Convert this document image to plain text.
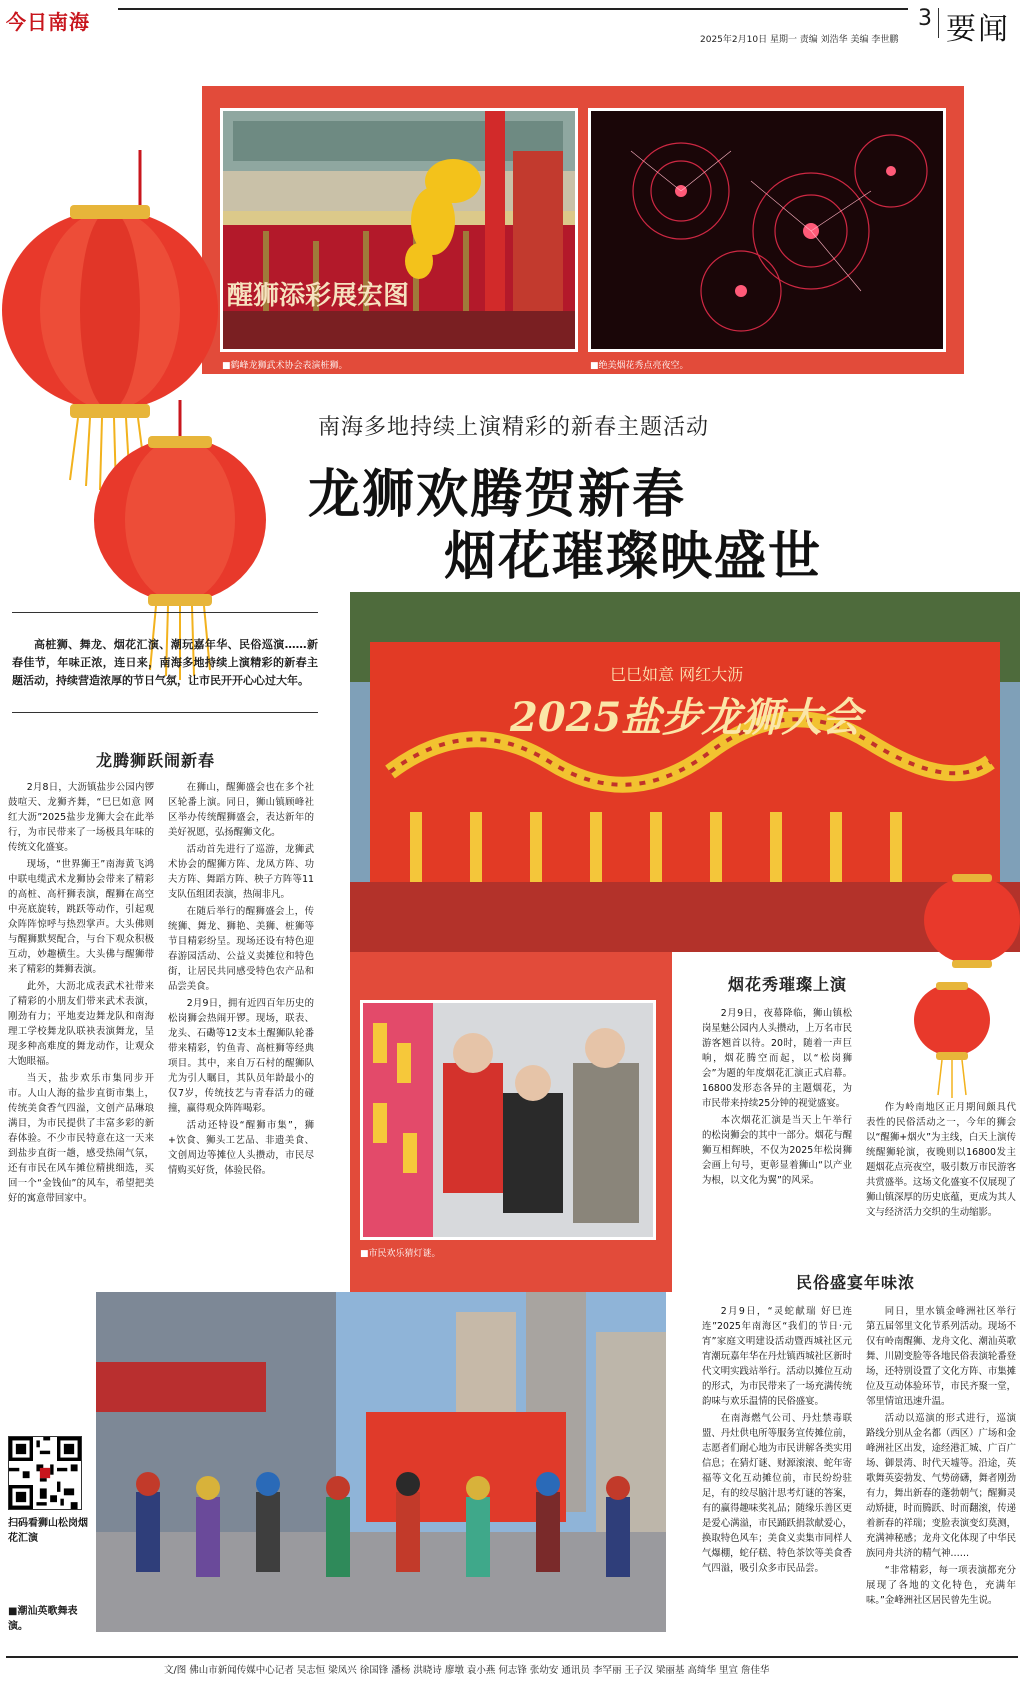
今日南海
2025年2月10日 星期一 责编 刘浩华 美编 李世鹏
3 要闻
醒狮添彩展宏图
■鹤峰龙狮武术协会表演桩狮。	■绝美烟花秀点亮夜空。
南海多地持续上演精彩的新春主题活动
龙狮欢腾贺新春
烟花璀璨映盛世
高桩狮、舞龙、烟花汇演、潮玩嘉年华、民俗巡演……新春佳节，年味正浓，连日来，南海多地持续上演精彩的新春主题活动，持续营造浓厚的节日气氛，让市民开开心心过大年。	巳巳如意 网红大沥
2025盐步龙狮大会
龙腾狮跃闹新春

2月8日，大沥镇盐步公园内锣鼓喧天、龙狮齐舞，“巳巳如意 网红大沥”2025盐步龙狮大会在此举行，为市民带来了一场极具年味的传统文化盛宴。

现场，“世界狮王”南海黄飞鸿中联电缆武术龙狮协会带来了精彩的高桩、高杆狮表演，醒狮在高空中亮底旋转，跳跃等动作，引起观众阵阵惊呼与热烈掌声。大头佛则与醒狮默契配合，与台下观众积极互动，妙趣横生。大头佛与醒狮带来了精彩的舞狮表演。

此外，大沥北成表武术社带来了精彩的小朋友们带来武术表演，刚劲有力；平地麦边舞龙队和南海理工学校舞龙队联袂表演舞龙，呈现多种高难度的舞龙动作，让观众大饱眼福。

当天，盐步欢乐市集同步开市。人山人海的盐步直街市集上，传统美食香气四溢，文创产品琳琅满目，为市民提供了丰富多彩的新春体验。不少市民特意在这一天来到盐步直街一趟，感受热闹气氛，还有市民在风车摊位精挑细选，买回一个“金钱仙”的风车，希望把美好的寓意带回家中。

在狮山，醒狮盛会也在多个社区轮番上演。同日，狮山镇顾峰社区举办传统醒狮盛会，表达新年的美好祝愿，弘扬醒狮文化。

活动首先进行了巡游，龙狮武术协会的醒狮方阵、龙凤方阵、功夫方阵、舞蹈方阵、秧子方阵等11支队伍组团表演，热闹非凡。

在随后举行的醒狮盛会上，传统狮、舞龙、狮艳、美狮、桩狮等节目精彩纷呈。现场还设有特色迎春游园活动、公益义卖摊位和特色街，让居民共同感受特色农产品和品尝美食。

2月9日，拥有近四百年历史的松岗狮会热闹开锣。现场，联表、龙头、石磡等12支本土醒狮队轮番带来精彩，钓鱼青、高桩狮等经典项目。其中，来自万石村的醒狮队尤为引人瞩目，其队员年龄最小的仅7岁，传统技艺与青春活力的碰撞，赢得观众阵阵喝彩。

活动还特设“醒狮市集”，狮+饮食、狮头工艺品、非遗美食、文创周边等摊位人头攒动，市民尽情购买好货，体验民俗。

■市民欢乐猜灯谜。
烟花秀璀璨上演

2月9日，夜幕降临，狮山镇松岗星魅公园内人头攒动，上万名市民游客翘首以待。20时，随着一声巨响，烟花腾空而起，以“松岗狮会”为题的年度烟花汇演正式启幕。16800发形态各异的主题烟花，为市民带来持续25分钟的视觉盛宴。

本次烟花汇演是当天上午举行的松岗狮会的其中一部分。烟花与醒狮互相辉映，不仅为2025年松岗狮会画上句号，更彰显着狮山“以产业为根，以文化为翼”的风采。

作为岭南地区正月期间颇具代表性的民俗活动之一，今年的狮会以“醒狮+烟火”为主线，白天上演传统醒狮轮演，夜晚则以16800发主题烟花点亮夜空，吸引数万市民游客共赏盛举。这场文化盛宴不仅展现了狮山镇深厚的历史底蕴，更成为其人文与经济活力交织的生动缩影。

扫码看狮山松岗烟花汇演
■潮汕英歌舞表演。
民俗盛宴年味浓

2月9日，“灵蛇献瑞 好巳连连”2025年南海区“我们的节日·元宵”家庭文明建设活动暨西城社区元宵潮玩嘉年华在丹灶镇西城社区新时代文明实践站举行。活动以摊位互动的形式，为市民带来了一场充满传统韵味与欢乐温情的民俗盛宴。

在南海燃气公司、丹灶禁毒联盟、丹灶供电所等服务宣传摊位前，志愿者们耐心地为市民讲解各类实用信息；在猜灯谜、财源滚滚、蛇年寄福等文化互动摊位前，市民纷纷驻足，有的绞尽脑汁思考灯谜的答案，有的赢得趣味奖礼品；随缘乐善区更是爱心满溢，市民踊跃捐款献爱心，换取特色风车；美食义卖集市同样人气爆棚，蛇仔糕、特色茶饮等美食香气四溢，吸引众多市民品尝。

同日，里水镇金峰洲社区举行第五届邻里文化节系列活动。现场不仅有岭南醒狮、龙舟文化、潮汕英歌舞、川剧变脸等各地民俗表演轮番登场，还特别设置了文化方阵、市集摊位及互动体验环节，市民齐聚一堂，邻里情谊迅速升温。

活动以巡演的形式进行，巡演路线分别从金名都（西区）广场和金峰洲社区出发，途经港汇城、广百广场、御景湾、时代天墟等。沿途，英歌舞英姿勃发、气势磅礴，舞者刚劲有力，舞出新春的蓬勃朝气；醒狮灵动矫捷，时而腾跃、时而翻滚，传递着新春的祥瑞；变脸表演变幻莫测，充满神秘感；龙舟文化体现了中华民族同舟共济的精气神……

“非常精彩，每一项表演都充分展现了各地的文化特色，充满年味。”金峰洲社区居民曾先生说。

文/图 佛山市新闻传媒中心记者 吴志恒 梁凤兴 徐国锋 潘杨 洪晓诗 廖墩 袁小燕 何志锋 张幼安 通讯员 李罕丽 王子汉 梁丽基 高绮华 里宣 詹佳华
